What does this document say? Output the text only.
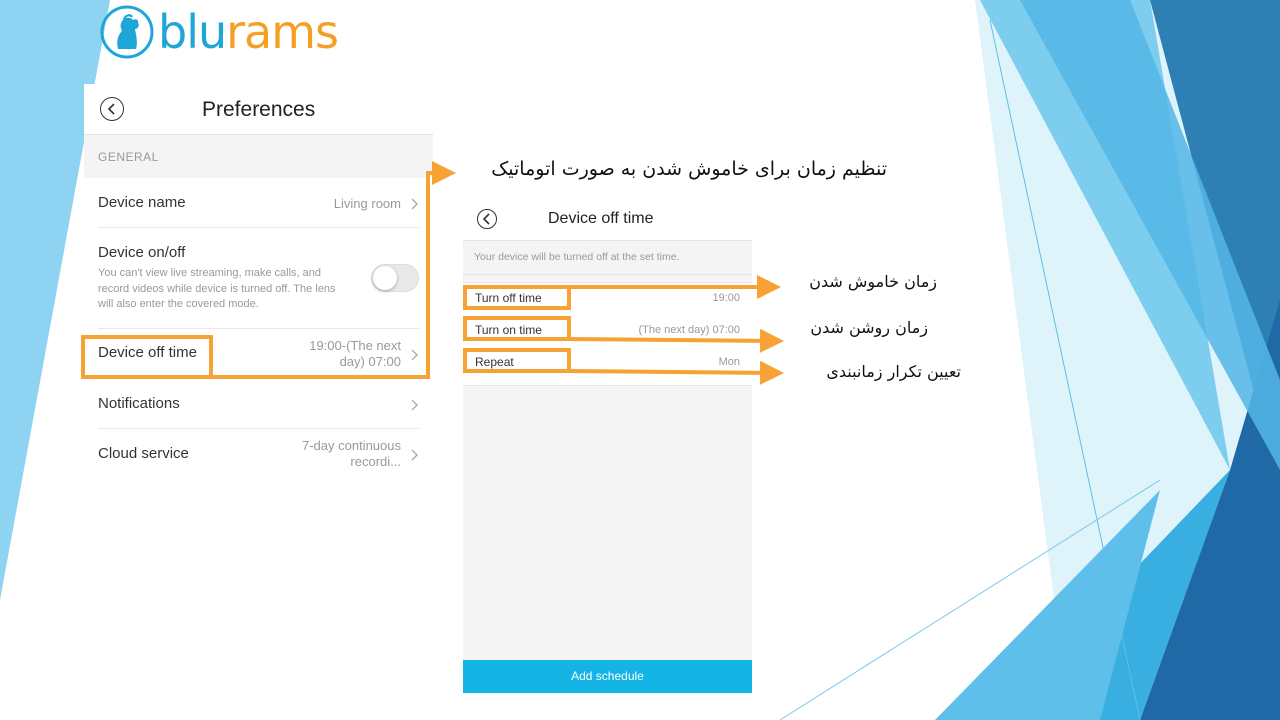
blurams
Preferences
GENERAL
Device name	Living room
Device on/off
You can't view live streaming, make calls, and record videos while device is turned off. The lens will also enter the covered mode.
Device off time	19:00-(The next
day) 07:00
Notifications
Cloud service	7-day continuous
recordi...
Device off time
Your device will be turned off at the set time.
Turn off time	19:00
Turn on time	(The next day) 07:00
Repeat	Mon
Add schedule
تنظیم زمان برای خاموش شدن به صورت اتوماتیک
زمان خاموش شدن
زمان روشن شدن
تعیین تکرار زمانبندی
